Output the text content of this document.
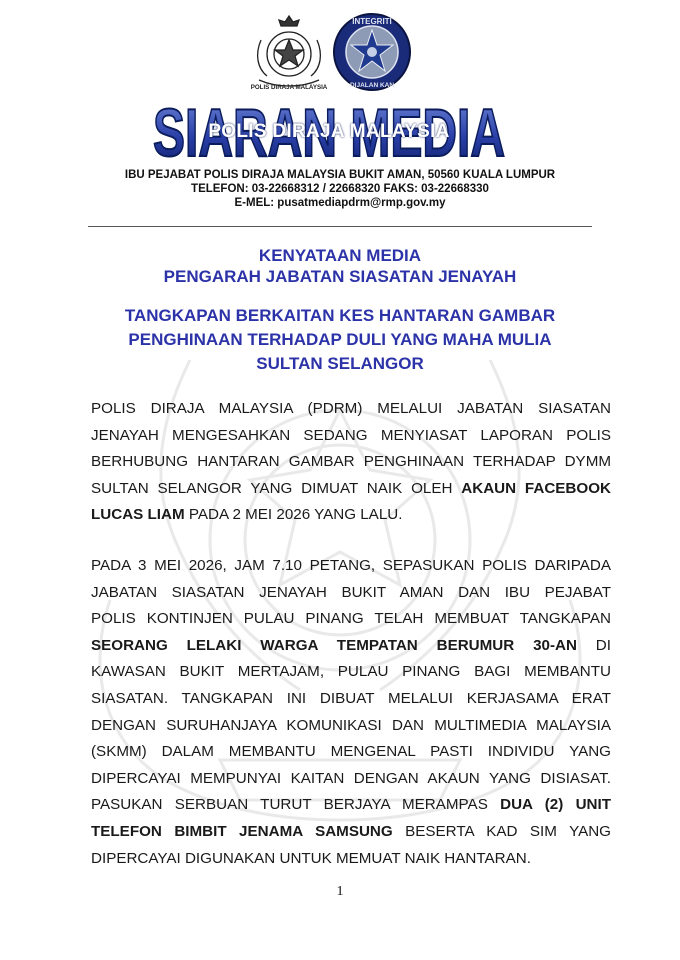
POLIS DIRAJA MALAYSIA
INTEGRITI
DIJALAN KAN
SIARAN MEDIA
POLIS DIRAJA MALAYSIA
IBU PEJABAT POLIS DIRAJA MALAYSIA BUKIT AMAN, 50560 KUALA LUMPUR
TELEFON: 03-22668312 / 22668320 FAKS: 03-22668330
E-MEL: pusatmediapdrm@rmp.gov.my
KENYATAAN MEDIA
PENGARAH JABATAN SIASATAN JENAYAH
TANGKAPAN BERKAITAN KES HANTARAN GAMBAR
PENGHINAAN TERHADAP DULI YANG MAHA MULIA
SULTAN SELANGOR
POLIS DIRAJA MALAYSIA (PDRM) MELALUI JABATAN SIASATAN
JENAYAH MENGESAHKAN SEDANG MENYIASAT LAPORAN POLIS
BERHUBUNG HANTARAN GAMBAR PENGHINAAN TERHADAP DYMM
SULTAN SELANGOR YANG DIMUAT NAIK OLEH AKAUN FACEBOOK
LUCAS LIAM PADA 2 MEI 2026 YANG LALU.
PADA 3 MEI 2026, JAM 7.10 PETANG, SEPASUKAN POLIS DARIPADA
JABATAN SIASATAN JENAYAH BUKIT AMAN DAN IBU PEJABAT
POLIS KONTINJEN PULAU PINANG TELAH MEMBUAT TANGKAPAN
SEORANG LELAKI WARGA TEMPATAN BERUMUR 30-AN DI
KAWASAN BUKIT MERTAJAM, PULAU PINANG BAGI MEMBANTU
SIASATAN. TANGKAPAN INI DIBUAT MELALUI KERJASAMA ERAT
DENGAN SURUHANJAYA KOMUNIKASI DAN MULTIMEDIA MALAYSIA
(SKMM) DALAM MEMBANTU MENGENAL PASTI INDIVIDU YANG
DIPERCAYAI MEMPUNYAI KAITAN DENGAN AKAUN YANG DISIASAT.
PASUKAN SERBUAN TURUT BERJAYA MERAMPAS DUA (2) UNIT
TELEFON BIMBIT JENAMA SAMSUNG BESERTA KAD SIM YANG
DIPERCAYAI DIGUNAKAN UNTUK MEMUAT NAIK HANTARAN.
1
